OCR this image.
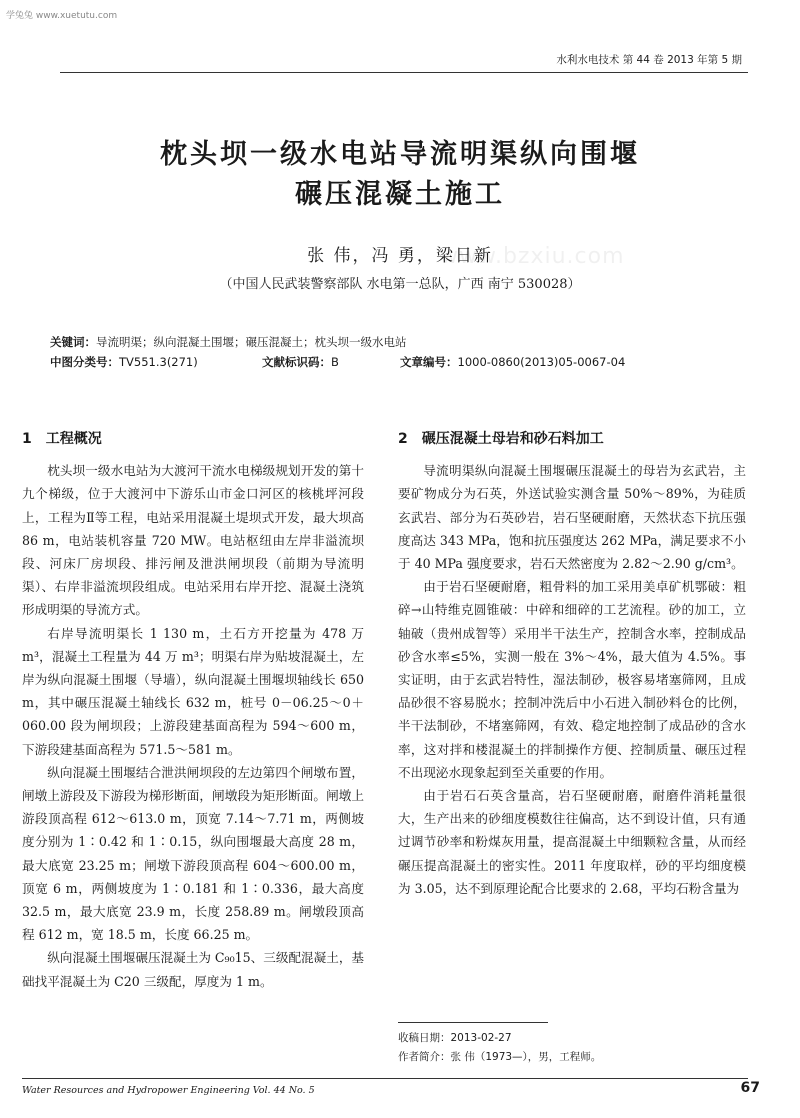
学兔兔 www.xuetutu.com
www.bzxiu.com
水利水电技术 第 44 卷 2013 年第 5 期
枕头坝一级水电站导流明渠纵向围堰
碾压混凝土施工
张 伟，冯 勇，梁日新
（中国人民武装警察部队 水电第一总队，广西 南宁 530028）
关键词：导流明渠；纵向混凝土围堰；碾压混凝土；枕头坝一级水电站
中图分类号：TV551.3(271)	文献标识码：B	文章编号：1000-0860(2013)05-0067-04
1 工程概况

枕头坝一级水电站为大渡河干流水电梯级规划开发的第十九个梯级，位于大渡河中下游乐山市金口河区的核桃坪河段上，工程为Ⅱ等工程，电站采用混凝土堤坝式开发，最大坝高 86 m，电站装机容量 720 MW。电站枢纽由左岸非溢流坝段、河床厂房坝段、排污闸及泄洪闸坝段（前期为导流明渠）、右岸非溢流坝段组成。电站采用右岸开挖、混凝土浇筑形成明渠的导流方式。

右岸导流明渠长 1 130 m，土石方开挖量为 478 万 m³，混凝土工程量为 44 万 m³；明渠右岸为贴坡混凝土，左岸为纵向混凝土围堰（导墙），纵向混凝土围堰坝轴线长 650 m，其中碾压混凝土轴线长 632 m，桩号 0－06.25～0＋060.00 段为闸坝段；上游段建基面高程为 594～600 m，下游段建基面高程为 571.5～581 m。

纵向混凝土围堰结合泄洪闸坝段的左边第四个闸墩布置，闸墩上游段及下游段为梯形断面，闸墩段为矩形断面。闸墩上游段顶高程 612～613.0 m，顶宽 7.14～7.71 m，两侧坡度分别为 1∶0.42 和 1∶0.15，纵向围堰最大高度 28 m，最大底宽 23.25 m；闸墩下游段顶高程 604～600.00 m，顶宽 6 m，两侧坡度为 1∶0.181 和 1∶0.336，最大高度 32.5 m，最大底宽 23.9 m，长度 258.89 m。闸墩段顶高程 612 m，宽 18.5 m，长度 66.25 m。

纵向混凝土围堰碾压混凝土为 C₉₀15、三级配混凝土，基础找平混凝土为 C20 三级配，厚度为 1 m。

2 碾压混凝土母岩和砂石料加工

导流明渠纵向混凝土围堰碾压混凝土的母岩为玄武岩，主要矿物成分为石英，外送试验实测含量 50%～89%，为硅质玄武岩、部分为石英砂岩，岩石坚硬耐磨，天然状态下抗压强度高达 343 MPa，饱和抗压强度达 262 MPa，满足要求不小于 40 MPa 强度要求，岩石天然密度为 2.82～2.90 g/cm³。

由于岩石坚硬耐磨，粗骨料的加工采用美卓矿机鄂破：粗碎→山特维克圆锥破：中碎和细碎的工艺流程。砂的加工，立轴破（贵州成智等）采用半干法生产，控制含水率，控制成品砂含水率≤5%，实测一般在 3%～4%，最大值为 4.5%。事实证明，由于玄武岩特性，湿法制砂，极容易堵塞筛网，且成品砂很不容易脱水；控制冲洗后中小石进入制砂料仓的比例，半干法制砂，不堵塞筛网，有效、稳定地控制了成品砂的含水率，这对拌和楼混凝土的拌制操作方便、控制质量、碾压过程不出现泌水现象起到至关重要的作用。

由于岩石石英含量高，岩石坚硬耐磨，耐磨件消耗量很大，生产出来的砂细度模数往往偏高，达不到设计值，只有通过调节砂率和粉煤灰用量，提高混凝土中细颗粒含量，从而经碾压提高混凝土的密实性。2011 年度取样，砂的平均细度模为 3.05，达不到原理论配合比要求的 2.68，平均石粉含量为

收稿日期：2013-02-27
作者简介：张 伟（1973—），男，工程师。
Water Resources and Hydropower Engineering Vol. 44 No. 5	67
